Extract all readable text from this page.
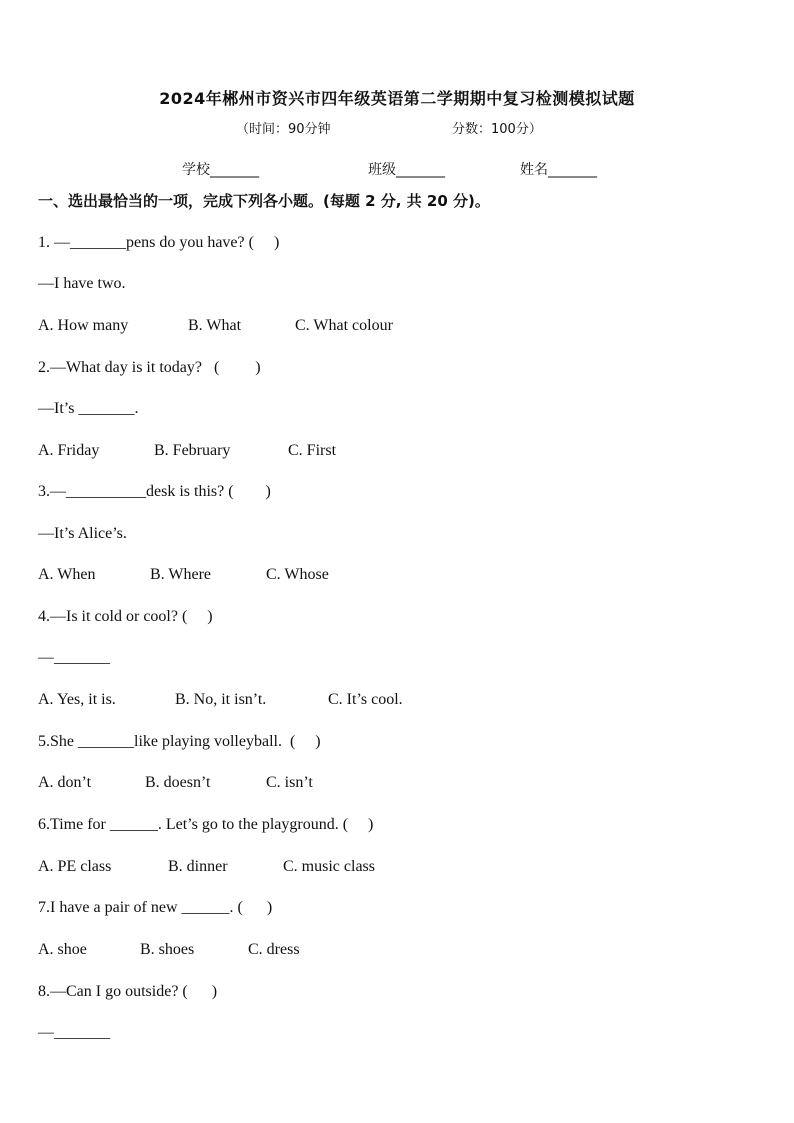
2024年郴州市资兴市四年级英语第二学期期中复习检测模拟试题
（时间：90分钟	分数：100分）
学校_______	班级_______	姓名_______
一、选出最恰当的一项，完成下列各小题。(每题 2 分, 共 20 分)。
1. —_______pens do you have? (     )
—I have two.
A. How many	B. What	C. What colour
2.—What day is it today?   (         )
—It’s _______.
A. Friday	B. February	C. First
3.—__________desk is this? (        )
—It’s Alice’s.
A. When	B. Where	C. Whose
4.—Is it cold or cool? (     )
—_______
A. Yes, it is.	B. No, it isn’t.	C. It’s cool.
5.She _______like playing volleyball.  (     )
A. don’t	B. doesn’t	C. isn’t
6.Time for ______. Let’s go to the playground. (     )
A. PE class	B. dinner	C. music class
7.I have a pair of new ______. (      )
A. shoe	B. shoes	C. dress
8.—Can I go outside? (      )
—_______
